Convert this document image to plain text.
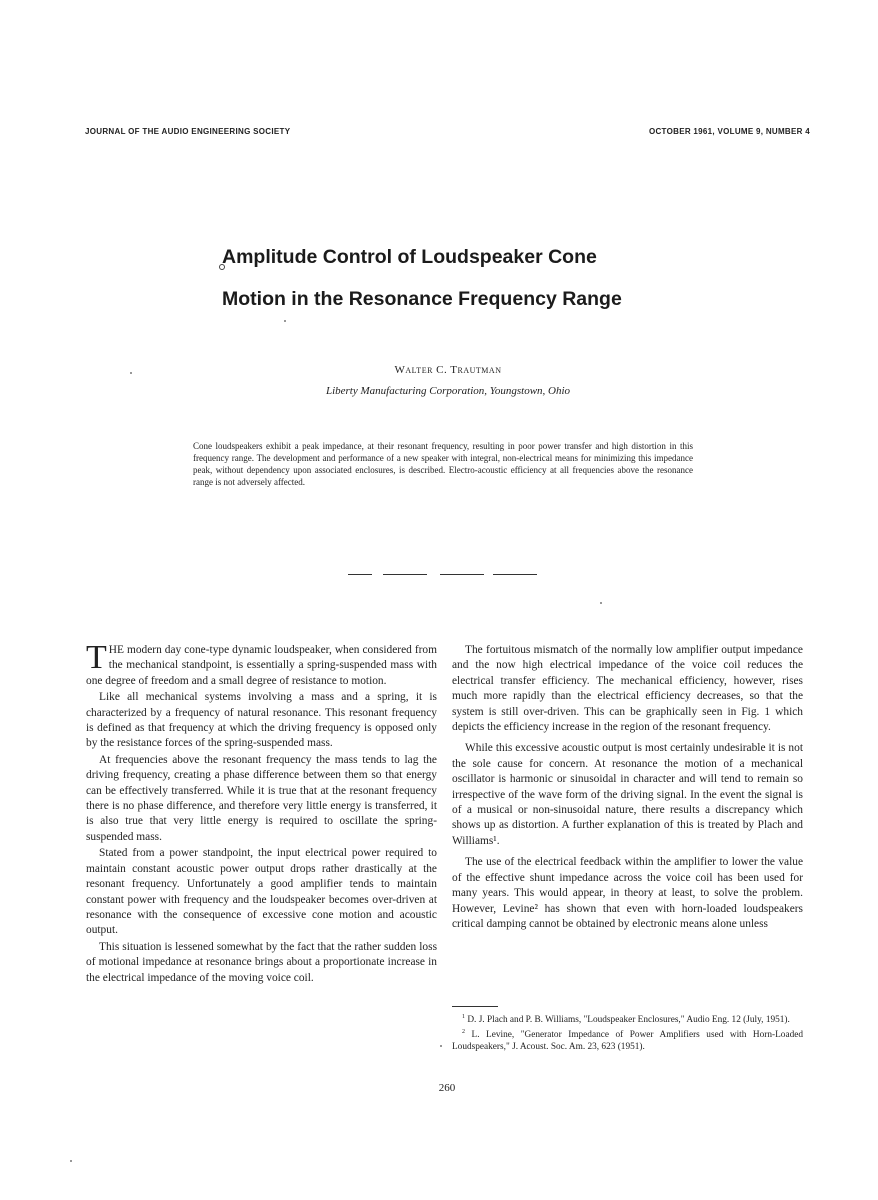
JOURNAL OF THE AUDIO ENGINEERING SOCIETY	OCTOBER 1961, VOLUME 9, NUMBER 4
Amplitude Control of Loudspeaker Cone
Motion in the Resonance Frequency Range
Walter C. Trautman
Liberty Manufacturing Corporation, Youngstown, Ohio
Cone loudspeakers exhibit a peak impedance, at their resonant frequency, resulting in poor power transfer and high distortion in this frequency range. The development and performance of a new speaker with integral, non-electrical means for minimizing this impedance peak, without dependency upon associated enclosures, is described. Electro-acoustic efficiency at all frequencies above the resonance range is not adversely affected.

THE modern day cone-type dynamic loudspeaker, when considered from the mechanical standpoint, is essentially a spring-suspended mass with one degree of freedom and a small degree of resistance to motion.

Like all mechanical systems involving a mass and a spring, it is characterized by a frequency of natural resonance. This resonant frequency is defined as that frequency at which the driving frequency is opposed only by the resistance forces of the spring-suspended mass.

At frequencies above the resonant frequency the mass tends to lag the driving frequency, creating a phase difference between them so that energy can be effectively transferred. While it is true that at the resonant frequency there is no phase difference, and therefore very little energy is transferred, it is also true that very little energy is required to oscillate the spring-suspended mass.

Stated from a power standpoint, the input electrical power required to maintain constant acoustic power output drops rather drastically at the resonant frequency. Unfortunately a good amplifier tends to maintain constant power with frequency and the loudspeaker becomes over-driven at resonance with the consequence of excessive cone motion and acoustic output.

This situation is lessened somewhat by the fact that the rather sudden loss of motional impedance at resonance brings about a proportionate increase in the electrical impedance of the moving voice coil.

The fortuitous mismatch of the normally low amplifier output impedance and the now high electrical impedance of the voice coil reduces the electrical transfer efficiency. The mechanical efficiency, however, rises much more rapidly than the electrical efficiency decreases, so that the system is still over-driven. This can be graphically seen in Fig. 1 which depicts the efficiency increase in the region of the resonant frequency.

While this excessive acoustic output is most certainly undesirable it is not the sole cause for concern. At resonance the motion of a mechanical oscillator is harmonic or sinusoidal in character and will tend to remain so irrespective of the wave form of the driving signal. In the event the signal is of a musical or non-sinusoidal nature, there results a discrepancy which shows up as distortion. A further explanation of this is treated by Plach and Williams¹.

The use of the electrical feedback within the amplifier to lower the value of the effective shunt impedance across the voice coil has been used for many years. This would appear, in theory at least, to solve the problem. However, Levine² has shown that even with horn-loaded loudspeakers critical damping cannot be obtained by electronic means alone unless

$^1$ D. J. Plach and P. B. Williams, "Loudspeaker Enclosures," Audio Eng. 12 (July, 1951).

$^2$ L. Levine, "Generator Impedance of Power Amplifiers used with Horn-Loaded Loudspeakers," J. Acoust. Soc. Am. 23, 623 (1951).

260
